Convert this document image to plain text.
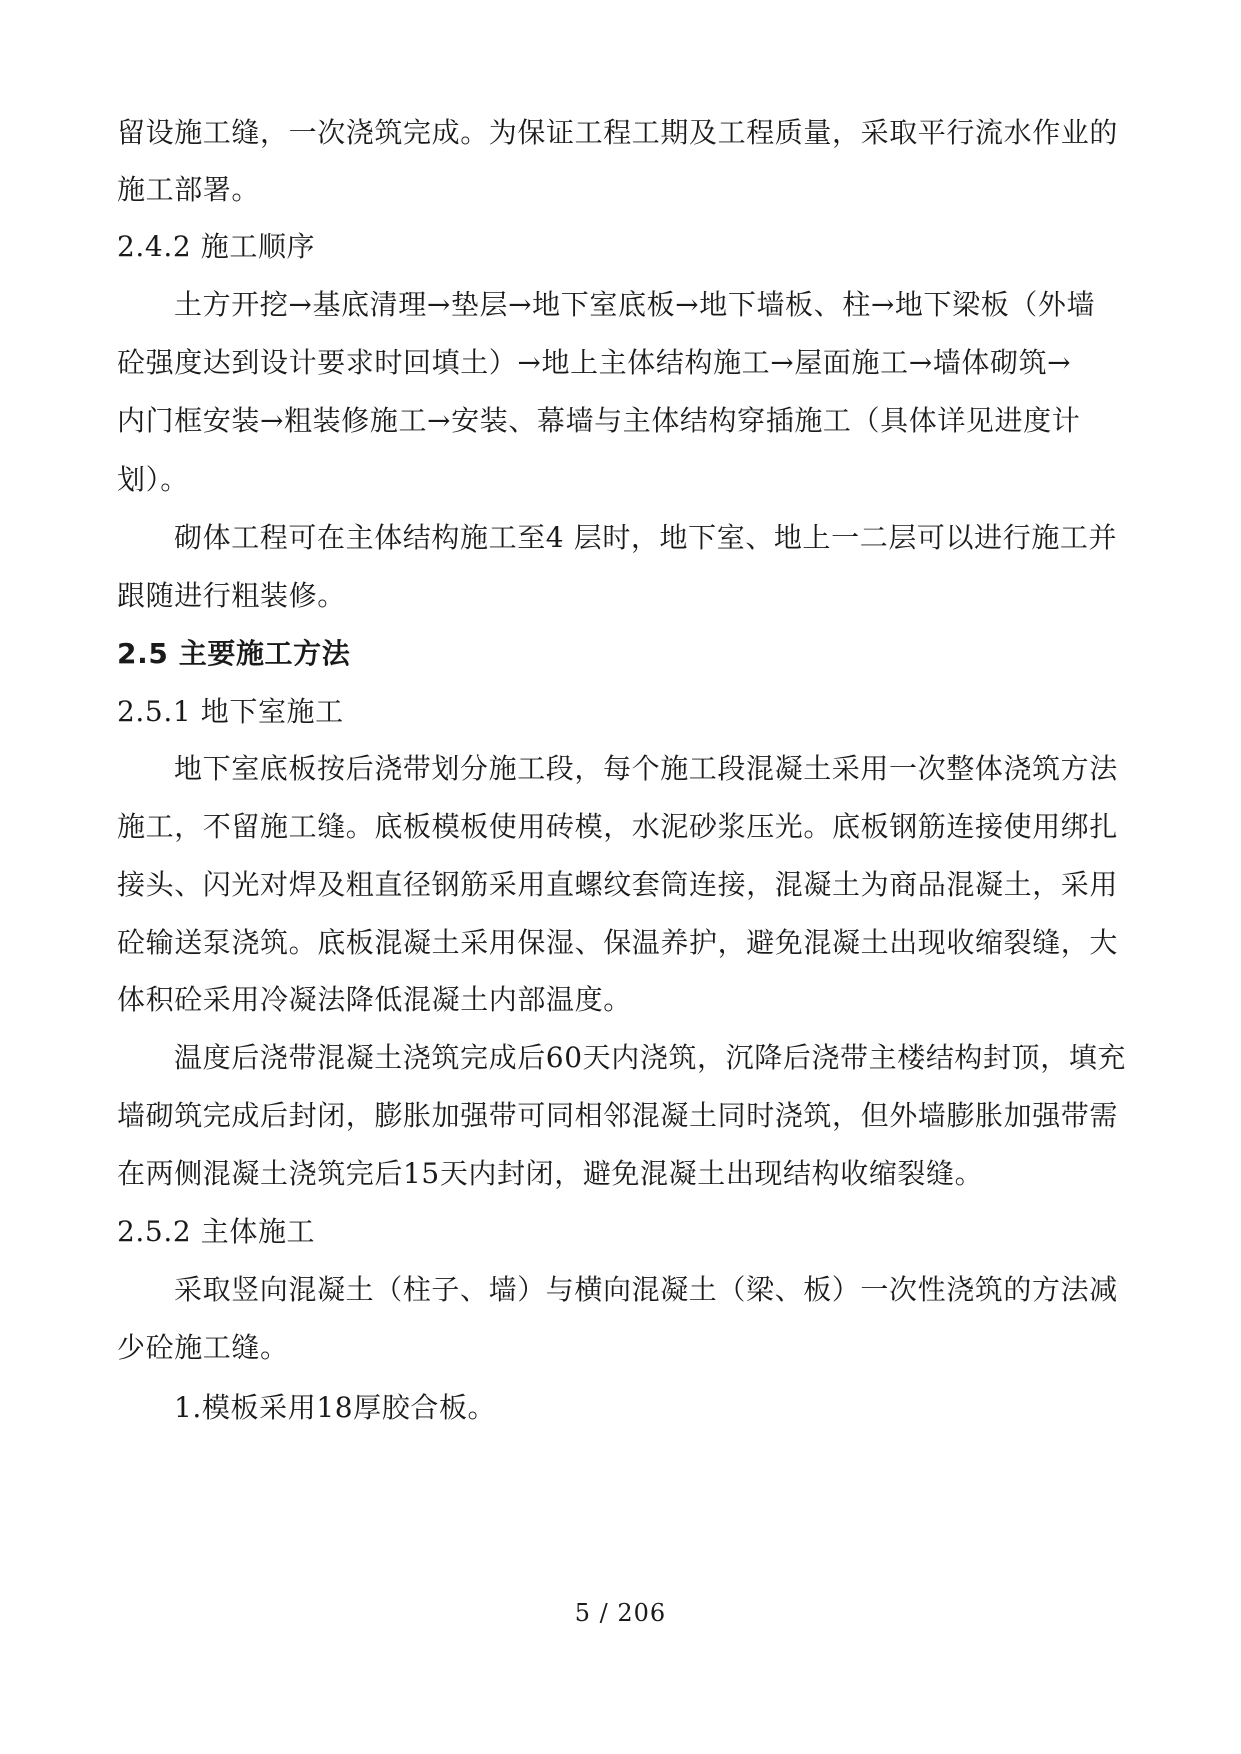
留设施工缝，一次浇筑完成。为保证工程工期及工程质量，采取平行流水作业的
施工部署。
2.4.2 施工顺序
土方开挖→基底清理→垫层→地下室底板→地下墙板、柱→地下梁板（外墙
砼强度达到设计要求时回填土）→地上主体结构施工→屋面施工→墙体砌筑→
内门框安装→粗装修施工→安装、幕墙与主体结构穿插施工（具体详见进度计
划）。
砌体工程可在主体结构施工至4 层时，地下室、地上一二层可以进行施工并
跟随进行粗装修。
2.5 主要施工方法
2.5.1 地下室施工
地下室底板按后浇带划分施工段，每个施工段混凝土采用一次整体浇筑方法
施工，不留施工缝。底板模板使用砖模，水泥砂浆压光。底板钢筋连接使用绑扎
接头、闪光对焊及粗直径钢筋采用直螺纹套筒连接，混凝土为商品混凝土，采用
砼输送泵浇筑。底板混凝土采用保湿、保温养护，避免混凝土出现收缩裂缝，大
体积砼采用冷凝法降低混凝土内部温度。
温度后浇带混凝土浇筑完成后60天内浇筑，沉降后浇带主楼结构封顶，填充
墙砌筑完成后封闭，膨胀加强带可同相邻混凝土同时浇筑，但外墙膨胀加强带需
在两侧混凝土浇筑完后15天内封闭，避免混凝土出现结构收缩裂缝。
2.5.2 主体施工
采取竖向混凝土（柱子、墙）与横向混凝土（梁、板）一次性浇筑的方法减
少砼施工缝。
1.模板采用18厚胶合板。
5 / 206
